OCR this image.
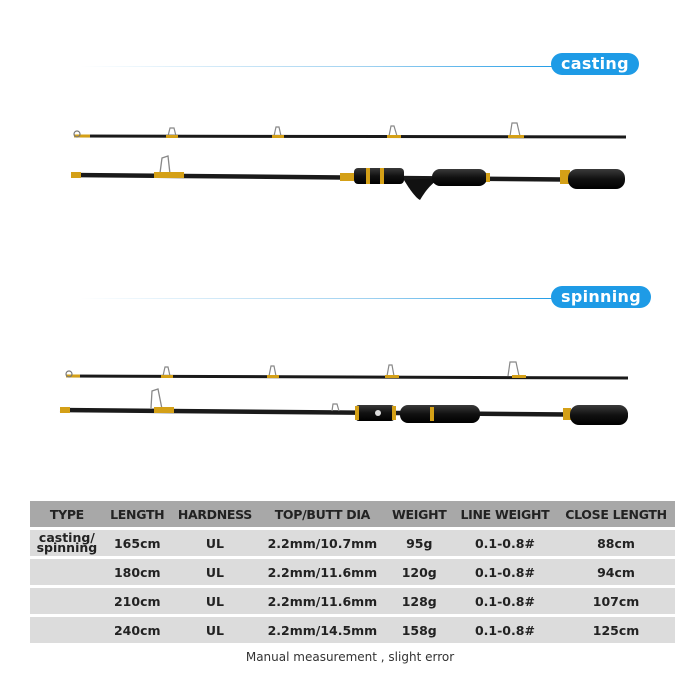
casting
spinning
TYPE	LENGTH	HARDNESS	TOP/BUTT DIA	WEIGHT	LINE WEIGHT	CLOSE LENGTH
casting/
spinning	165cm	UL	2.2mm/10.7mm	95g	0.1-0.8#	88cm
	180cm	UL	2.2mm/11.6mm	120g	0.1-0.8#	94cm
	210cm	UL	2.2mm/11.6mm	128g	0.1-0.8#	107cm
	240cm	UL	2.2mm/14.5mm	158g	0.1-0.8#	125cm
Manual measurement , slight error
